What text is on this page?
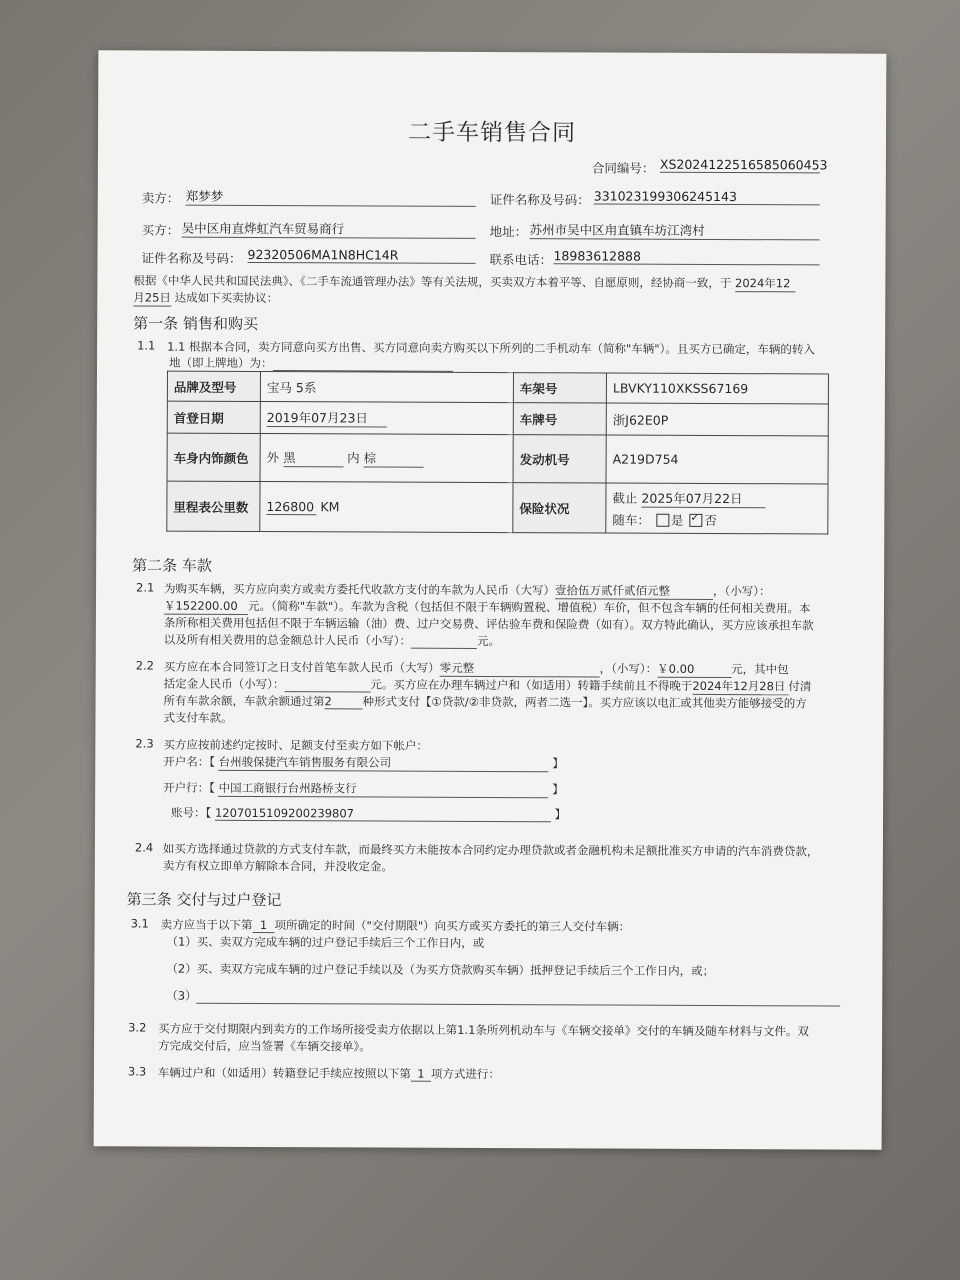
二手车销售合同
合同编号： XS2024122516585060453
卖方： 郑梦梦	证件名称及号码： 331023199306245143
买方： 吴中区甪直烨虹汽车贸易商行	地址： 苏州市吴中区甪直镇车坊江湾村
证件名称及号码： 92320506MA1N8HC14R	联系电话： 18983612888
根据《中华人民共和国民法典》、《二手车流通管理办法》等有关法规，买卖双方本着平等、自愿原则，经协商一致，于 2024年12
月25日 达成如下买卖协议：
第一条 销售和购买
1.1 1.1 根据本合同，卖方同意向买方出售、买方同意向卖方购买以下所列的二手机动车（简称"车辆"）。且买方已确定，车辆的转入
地（即上牌地）为：
品牌及型号	宝马 5系	车架号	LBVKY110XKSS67169
首登日期	2019年07月23日	车牌号	浙J62E0P
车身内饰颜色	外 黑 内 棕	发动机号	A219D754
里程表公里数	126800 KM	保险状况	截止 2025年07月22日
随车： 是 ✓ 否
第二条 车款
2.1 为购买车辆，买方应向卖方或卖方委托代收款方支付的车款为人民币（大写）壹拾伍万贰仟贰佰元整	，（小写）：
￥152200.00 元。（简称"车款"）。车款为含税（包括但不限于车辆购置税、增值税）车价，但不包含车辆的任何相关费用。本
条所称相关费用包括但不限于车辆运输（油）费、过户交易费、评估验车费和保险费（如有）。双方特此确认，买方应该承担车款
以及所有相关费用的总金额总计人民币（小写）：	元。
2.2 买方应在本合同签订之日支付首笔车款人民币（大写）零元整	，（小写）：￥0.00	元，其中包
括定金人民币（小写）：	元。买方应在办理车辆过户和（如适用）转籍手续前且不得晚于2024年12月28日 付清
所有车款余额，车款余额通过第2	种形式支付【①贷款/②非贷款，两者二选一】。买方应该以电汇或其他卖方能够接受的方
式支付车款。
2.3 买方应按前述约定按时、足额支付至卖方如下帐户：
开户名：【 台州骏保捷汽车销售服务有限公司	】
开户行：【 中国工商银行台州路桥支行	】
账号：【 1207015109200239807	】
2.4 如买方选择通过贷款的方式支付车款，而最终买方未能按本合同约定办理贷款或者金融机构未足额批准买方申请的汽车消费贷款，
卖方有权立即单方解除本合同，并没收定金。
第三条 交付与过户登记
3.1 卖方应当于以下第 1 项所确定的时间（"交付期限"）向买方或买方委托的第三人交付车辆：
（1）买、卖双方完成车辆的过户登记手续后三个工作日内，或
（2）买、卖双方完成车辆的过户登记手续以及（为买方贷款购买车辆）抵押登记手续后三个工作日内，或；
（3）
3.2 买方应于交付期限内到卖方的工作场所接受卖方依据以上第1.1条所列机动车与《车辆交接单》交付的车辆及随车材料与文件。双
方完成交付后，应当签署《车辆交接单》。
3.3 车辆过户和（如适用）转籍登记手续应按照以下第 1 项方式进行：
